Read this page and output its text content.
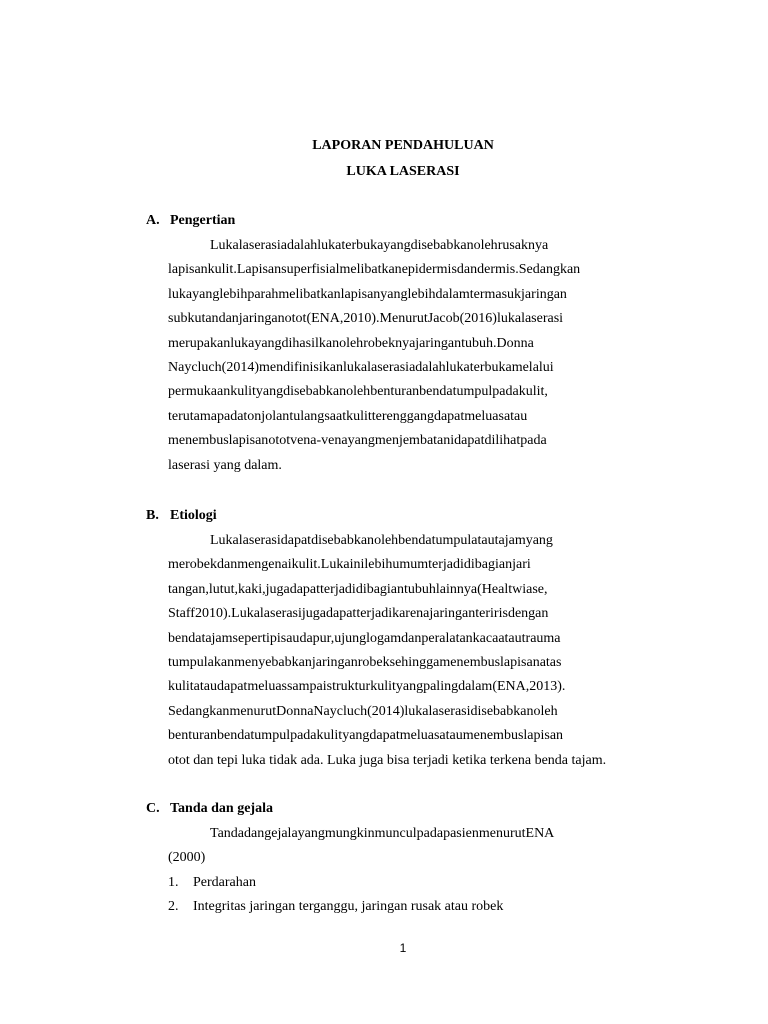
LAPORAN PENDAHULUAN
LUKA LASERASI
A. Pengertian
Lukalaserasiadalahlukaterbukayangdisebabkanolehrusaknya
lapisankulit.Lapisansuperfisialmelibatkanepidermisdandermis.Sedangkan
lukayanglebihparahmelibatkanlapisanyanglebihdalamtermasukjaringan
subkutandanjaringanotot(ENA,2010).MenurutJacob(2016)lukalaserasi
merupakanlukayangdihasilkanolehrobeknyajaringantubuh.Donna
Naycluch(2014)mendifinisikanlukalaserasiadalahlukaterbukamelalui
permukaankulityangdisebabkanolehbenturanbendatumpulpadakulit,
terutamapadatonjolantulangsaatkulitterenggangdapatmeluasatau
menembuslapisanototvena-venayangmenjembatanidapatdilihatpada
laserasi yang dalam.
B. Etiologi
Lukalaserasidapatdisebabkanolehbendatumpulatautajamyang
merobekdanmengenaikulit.Lukainilebihumumterjadidibagianjari
tangan,lutut,kaki,jugadapatterjadidibagiantubuhlainnya(Healtwiase,
Staff2010).Lukalaserasijugadapatterjadikarenajaringanteririsdengan
bendatajamsepertipisaudapur,ujunglogamdanperalatankacaatautrauma
tumpulakanmenyebabkanjaringanrobeksehinggamenembuslapisanatas
kulitataudapatmeluassampaistrukturkulityangpalingdalam(ENA,2013).
SedangkanmenurutDonnaNaycluch(2014)lukalaserasidisebabkanoleh
benturanbendatumpulpadakulityangdapatmeluasataumenembuslapisan
otot dan tepi luka tidak ada. Luka juga bisa terjadi ketika terkena benda tajam.
C. Tanda dan gejala
TandadangejalayangmungkinmunculpadapasienmenurutENA
(2000)
1. Perdarahan
2. Integritas jaringan terganggu, jaringan rusak atau robek
1
